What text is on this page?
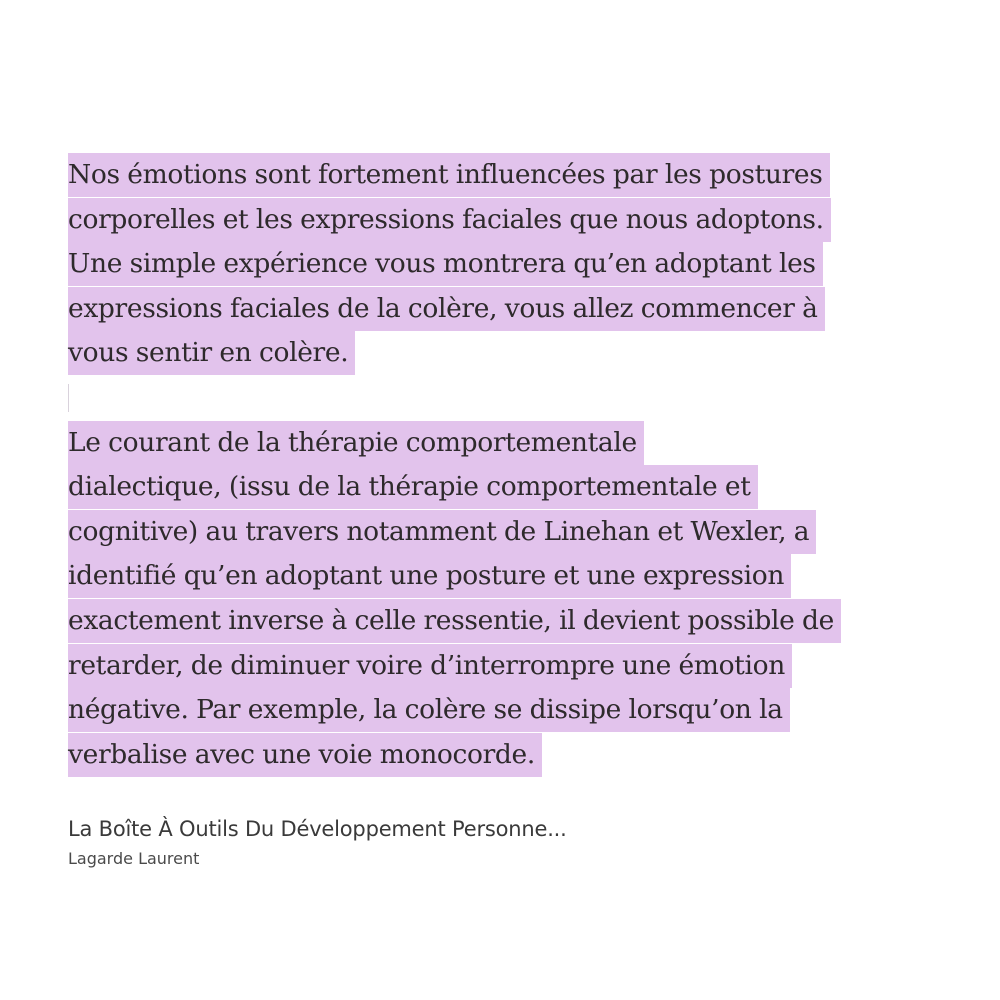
Nos émotions sont fortement influencées par les postures
corporelles et les expressions faciales que nous adoptons.
Une simple expérience vous montrera qu’en adoptant les
expressions faciales de la colère, vous allez commencer à
vous sentir en colère.
Le courant de la thérapie comportementale
dialectique, (issu de la thérapie comportementale et
cognitive) au travers notamment de Linehan et Wexler, a
identifié qu’en adoptant une posture et une expression
exactement inverse à celle ressentie, il devient possible de
retarder, de diminuer voire d’interrompre une émotion
négative. Par exemple, la colère se dissipe lorsqu’on la
verbalise avec une voie monocorde.
La Boîte À Outils Du Développement Personne...
Lagarde Laurent
